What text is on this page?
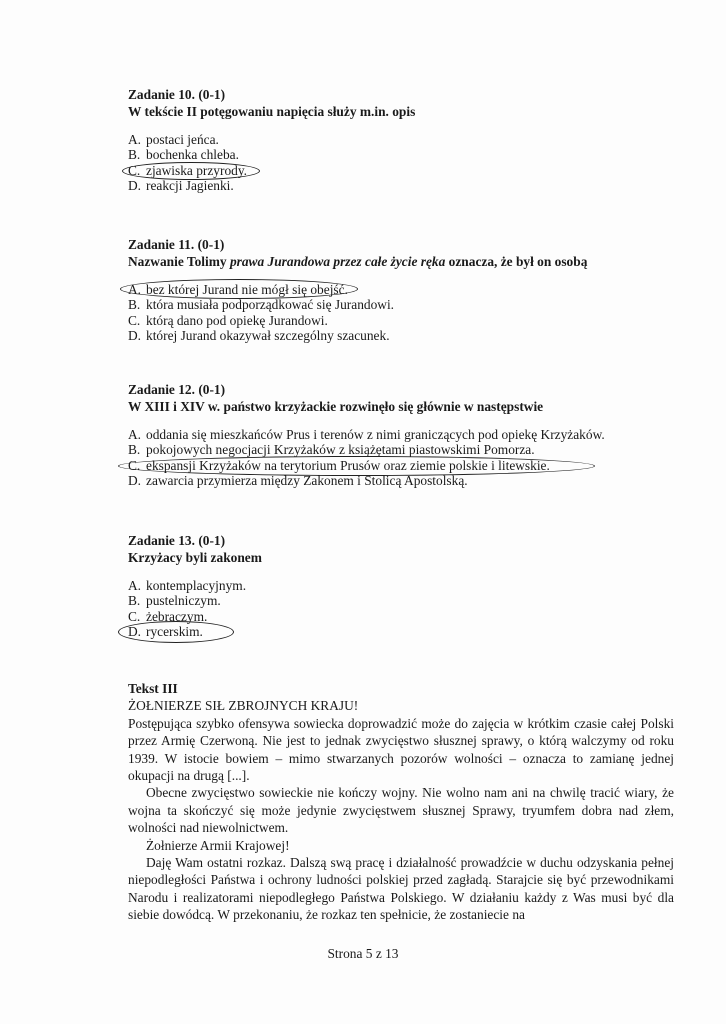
Zadanie 10. (0-1)
W tekście II potęgowaniu napięcia służy m.in. opis
A. postaci jeńca.
B. bochenka chleba.
C. zjawiska przyrody.
D. reakcji Jagienki.
Zadanie 11. (0-1)
Nazwanie Tolimy prawa Jurandowa przez całe życie ręka oznacza, że był on osobą
A. bez której Jurand nie mógł się obejść.
B. która musiała podporządkować się Jurandowi.
C. którą dano pod opiekę Jurandowi.
D. której Jurand okazywał szczególny szacunek.
Zadanie 12. (0-1)
W XIII i XIV w. państwo krzyżackie rozwinęło się głównie w następstwie
A. oddania się mieszkańców Prus i terenów z nimi graniczących pod opiekę Krzyżaków.
B. pokojowych negocjacji Krzyżaków z książętami piastowskimi Pomorza.
C. ekspansji Krzyżaków na terytorium Prusów oraz ziemie polskie i litewskie.
D. zawarcia przymierza między Zakonem i Stolicą Apostolską.
Zadanie 13. (0-1)
Krzyżacy byli zakonem
A. kontemplacyjnym.
B. pustelniczym.
C. żebraczym.
D. rycerskim.
Tekst III
ŻOŁNIERZE SIŁ ZBROJNYCH KRAJU!
Postępująca szybko ofensywa sowiecka doprowadzić może do zajęcia w krótkim czasie całej Polski przez Armię Czerwoną. Nie jest to jednak zwycięstwo słusznej sprawy, o którą walczymy od roku 1939. W istocie bowiem – mimo stwarzanych pozorów wolności – oznacza to zamianę jednej okupacji na drugą [...].
Obecne zwycięstwo sowieckie nie kończy wojny. Nie wolno nam ani na chwilę tracić wiary, że wojna ta skończyć się może jedynie zwycięstwem słusznej Sprawy, tryumfem dobra nad złem, wolności nad niewolnictwem.
Żołnierze Armii Krajowej!
Daję Wam ostatni rozkaz. Dalszą swą pracę i działalność prowadźcie w duchu odzyskania pełnej niepodległości Państwa i ochrony ludności polskiej przed zagładą. Starajcie się być przewodnikami Narodu i realizatorami niepodległego Państwa Polskiego. W działaniu każdy z Was musi być dla siebie dowódcą. W przekonaniu, że rozkaz ten spełnicie, że zostaniecie na
Strona 5 z 13
